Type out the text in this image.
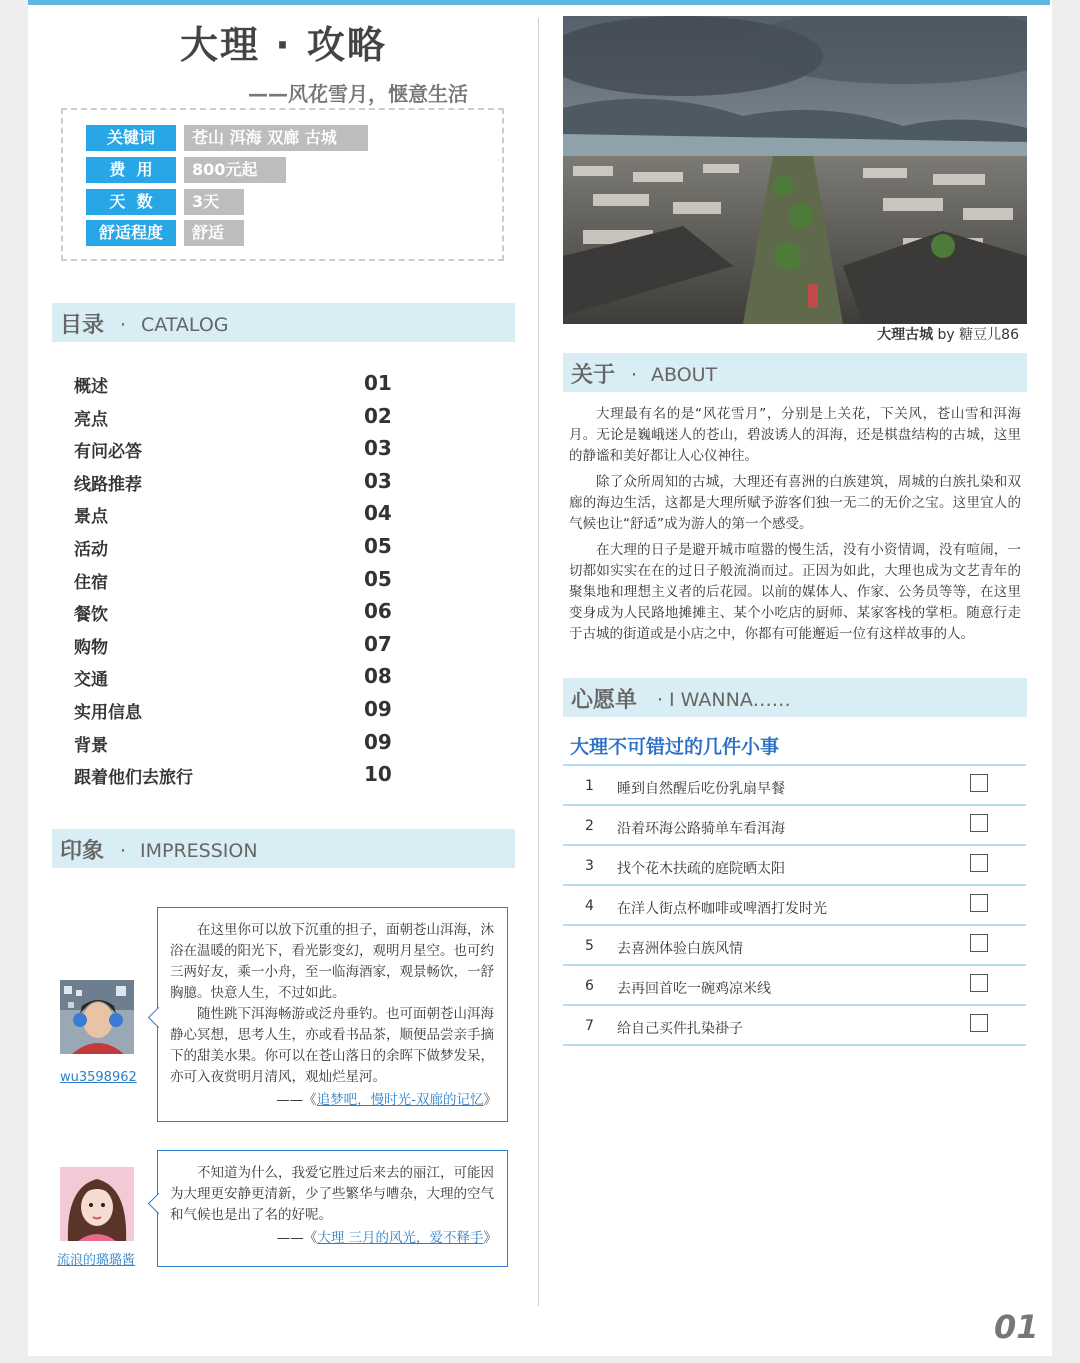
大理 · 攻略
——风花雪月，惬意生活
关键词	苍山 洱海 双廊 古城
费  用	800元起
天  数	3天
舒适程度	舒适
目录 · CATALOG
概述	01
亮点	02
有问必答	03
线路推荐	03
景点	04
活动	05
住宿	05
餐饮	06
购物	07
交通	08
实用信息	09
背景	09
跟着他们去旅行	10
印象 · IMPRESSION
wu3598962

在这里你可以放下沉重的担子，面朝苍山洱海，沐浴在温暖的阳光下，看光影变幻，观明月星空。也可约三两好友，乘一小舟，至一临海酒家，观景畅饮，一舒胸臆。快意人生，不过如此。

随性跳下洱海畅游或泛舟垂钓。也可面朝苍山洱海静心冥想，思考人生，亦或看书品茶，顺便品尝亲手摘下的甜美水果。你可以在苍山落日的余晖下做梦发呆，亦可入夜赏明月清风，观灿烂星河。

——《追梦吧，慢时光-双廊的记忆》
流浪的璐璐酱

不知道为什么，我爱它胜过后来去的丽江，可能因为大理更安静更清新，少了些繁华与嘈杂，大理的空气和气候也是出了名的好呢。

——《大理 三月的风光，爱不释手》
大理古城 by 糖豆儿86
关于 · ABOUT

大理最有名的是“风花雪月”，分别是上关花，下关风，苍山雪和洱海月。无论是巍峨迷人的苍山，碧波诱人的洱海，还是棋盘结构的古城，这里的静谧和美好都让人心仪神往。

除了众所周知的古城，大理还有喜洲的白族建筑，周城的白族扎染和双廊的海边生活，这都是大理所赋予游客们独一无二的无价之宝。这里宜人的气候也让“舒适”成为游人的第一个感受。

在大理的日子是避开城市喧嚣的慢生活，没有小资情调，没有喧闹，一切都如实实在在的过日子般流淌而过。正因为如此，大理也成为文艺青年的聚集地和理想主义者的后花园。以前的媒体人、作家、公务员等等，在这里变身成为人民路地摊摊主、某个小吃店的厨师、某家客栈的掌柜。随意行走于古城的街道或是小店之中，你都有可能邂逅一位有这样故事的人。

心愿单 · I WANNA……
大理不可错过的几件小事
1 睡到自然醒后吃份乳扇早餐
2 沿着环海公路骑单车看洱海
3 找个花木扶疏的庭院晒太阳
4 在洋人街点杯咖啡或啤酒打发时光
5 去喜洲体验白族风情
6 去再回首吃一碗鸡凉米线
7 给自己买件扎染褂子
01
